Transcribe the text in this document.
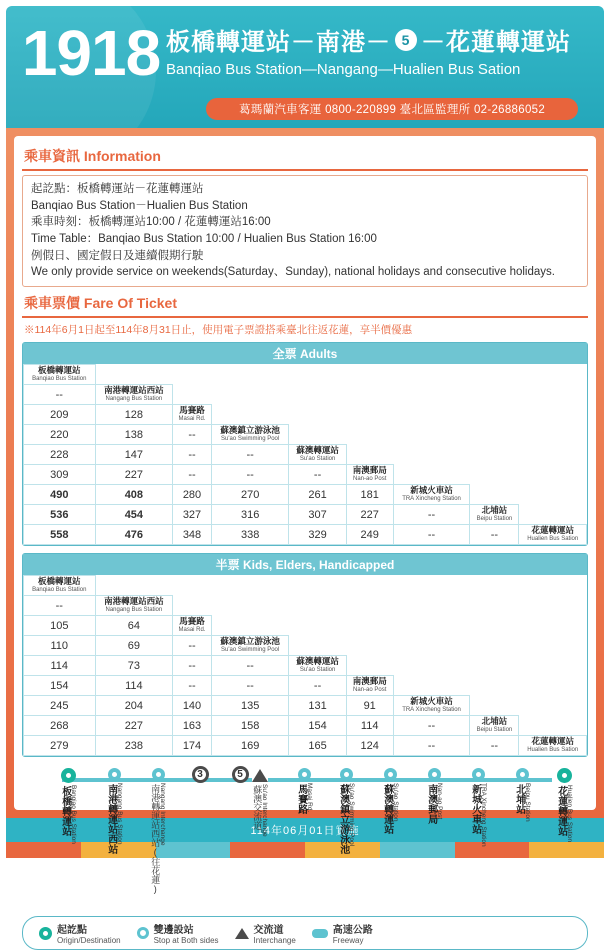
1918 板橋轉運站－南港－ 5 －花蓮轉運站
Banqiao Bus Station—Nangang—Hualien Bus Sation
葛瑪蘭汽車客運 0800-220899 臺北區監理所 02-26886052
乘車資訊 Information
起訖點：板橋轉運站－花蓮轉運站
Banqiao Bus Station－Hualien Bus Station
乘車時刻：板橋轉運站10:00 / 花蓮轉運站16:00
Time Table：Banqiao Bus Station 10:00 / Hualien Bus Station 16:00
例假日、國定假日及連續假期行駛
We only provide service on weekends(Saturday、Sunday), national holidays and consecutive holidays.
乘車票價 Fare Of Ticket
※114年6月1日起至114年8月31日止，使用電子票證搭乘臺北往返花蓮，享半價優惠
全票 Adults
板橋轉運站
Banqiao Bus Station								

--	南港轉運站西站
Nangang Bus Station							

209	128	馬賽路
Masai Rd.						

220	138	--	蘇澳鎮立游泳池
Su'ao Swimming Pool					

228	147	--	--	蘇澳轉運站
Su'ao Station				

309	227	--	--	--	南澳郵局
Nan-ao Post			

490	408	280	270	261	181	新城火車站
TRA Xincheng Station		

536	454	327	316	307	227	--	北埔站
Beipu Station	

558	476	348	338	329	249	--	--	花蓮轉運站
Hualien Bus Sation
半票 Kids, Elders, Handicapped
板橋轉運站
Banqiao Bus Station								

--	南港轉運站西站
Nangang Bus Station							

105	64	馬賽路
Masai Rd.						

110	69	--	蘇澳鎮立游泳池
Su'ao Swimming Pool					

114	73	--	--	蘇澳轉運站
Su'ao Station				

154	114	--	--	--	南澳郵局
Nan-ao Post			

245	204	140	135	131	91	新城火車站
TRA Xincheng Station		

268	227	163	158	154	114	--	北埔站
Beipu Station	

279	238	174	169	165	124	--	--	花蓮轉運站
Hualien Bus Sation
板橋轉運站 Banqiao Bus Station	南港轉運站西站 Nangang Bus Station	南港轉運站西站(往花蓮) Nangang Interchange
3	5
蘇澳交流道 Su'ao Interchange	馬賽路 Masai Rd.	蘇澳鎮立游泳池 Su'ao Swimming Pool	蘇澳轉運站 Su'ao Station	南澳郵局 Nan-ao Post	新城火車站 TRA Xincheng Station	北埔站 Beipu Station	花蓮轉運站 Hualien Bus Station
起訖點
Origin/Destination
雙邊設站
Stop at Both sides
交流道
Interchange
高速公路
Freeway
114年06月01日實施
